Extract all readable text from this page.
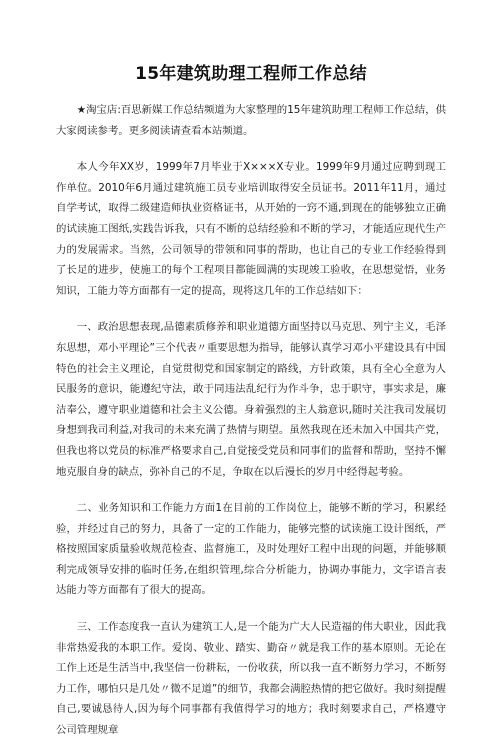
15年建筑助理工程师工作总结

★淘宝店:百思新媒工作总结频道为大家整理的15年建筑助理工程师工作总结，供大家阅读参考。更多阅读请查看本站频道。

本人今年XX岁，1999年7月毕业于X×××X专业。1999年9月通过应聘到现工作单位。2010年6月通过建筑施工员专业培训取得安全员证书。2011年11月，通过自学考试，取得二级建造师执业资格证书，从开始的一窍不通,到现在的能够独立正确的试读施工图纸,实践告诉我，只有不断的总结经验和不断的学习，才能适应现代生产力的发展需求。当然，公司领导的带领和同事的帮助，也让自己的专业工作经验得到了长足的进步，使施工的每个工程项目都能圆满的实现竣工验收，在思想觉悟，业务知识，工能力等方面都有一定的提高，现将这几年的工作总结如下：

一、政治思想表现,品德素质修养和职业道德方面坚持以马克思、列宁主义，毛泽东思想，邓小平理论”三个代表〃重要思想为指导，能够认真学习邓小平建设具有中国特色的社会主义理论，自觉贯彻党和国家制定的路线，方针政策，具有全心全意为人民服务的意识，能遵纪守法，敢于同违法乱纪行为作斗争，忠于职守，事实求是，廉洁奉公，遵守职业道德和社会主义公德。身着强烈的主人翁意识,随时关注我司发展切身想到我司利益,对我司的未来充满了热情与期望。虽然我现在还未加入中国共产党，但我也将以党员的标准严格要求自己,自觉接受党员和同事们的监督和帮助，坚持不懈地克服自身的缺点，弥补自己的不足，争取在以后漫长的岁月中经得起考验。

二、业务知识和工作能力方面1在目前的工作岗位上，能够不断的学习，积累经验，并经过自己的努力，具备了一定的工作能力，能够完整的试读施工设计图纸，严格按照国家质量验收规范检查、监督施工，及时处理好工程中出现的问题，并能够顺利完成领导安排的临时任务,在组织管理,综合分析能力，协调办事能力，文字语言表达能力等方面都有了很大的提高。

三、工作态度我一直认为建筑工人,是一个能为广大人民造福的伟大职业，因此我非常热爱我的本职工作。爱岗、敬业、踏实、勤奋〃就是我工作的基本原则。无论在工作上还是生活当中,我坚信一份耕耘，一份收获，所以我一直不断努力学习，不断努力工作，哪怕只是几处〃微不足道”的细节，我都会满腔热情的把它做好。我时刻提醒自己,要诚恳待人,因为每个同事都有我值得学习的地方；我时刻要求自己，严格遵守公司管理规章
